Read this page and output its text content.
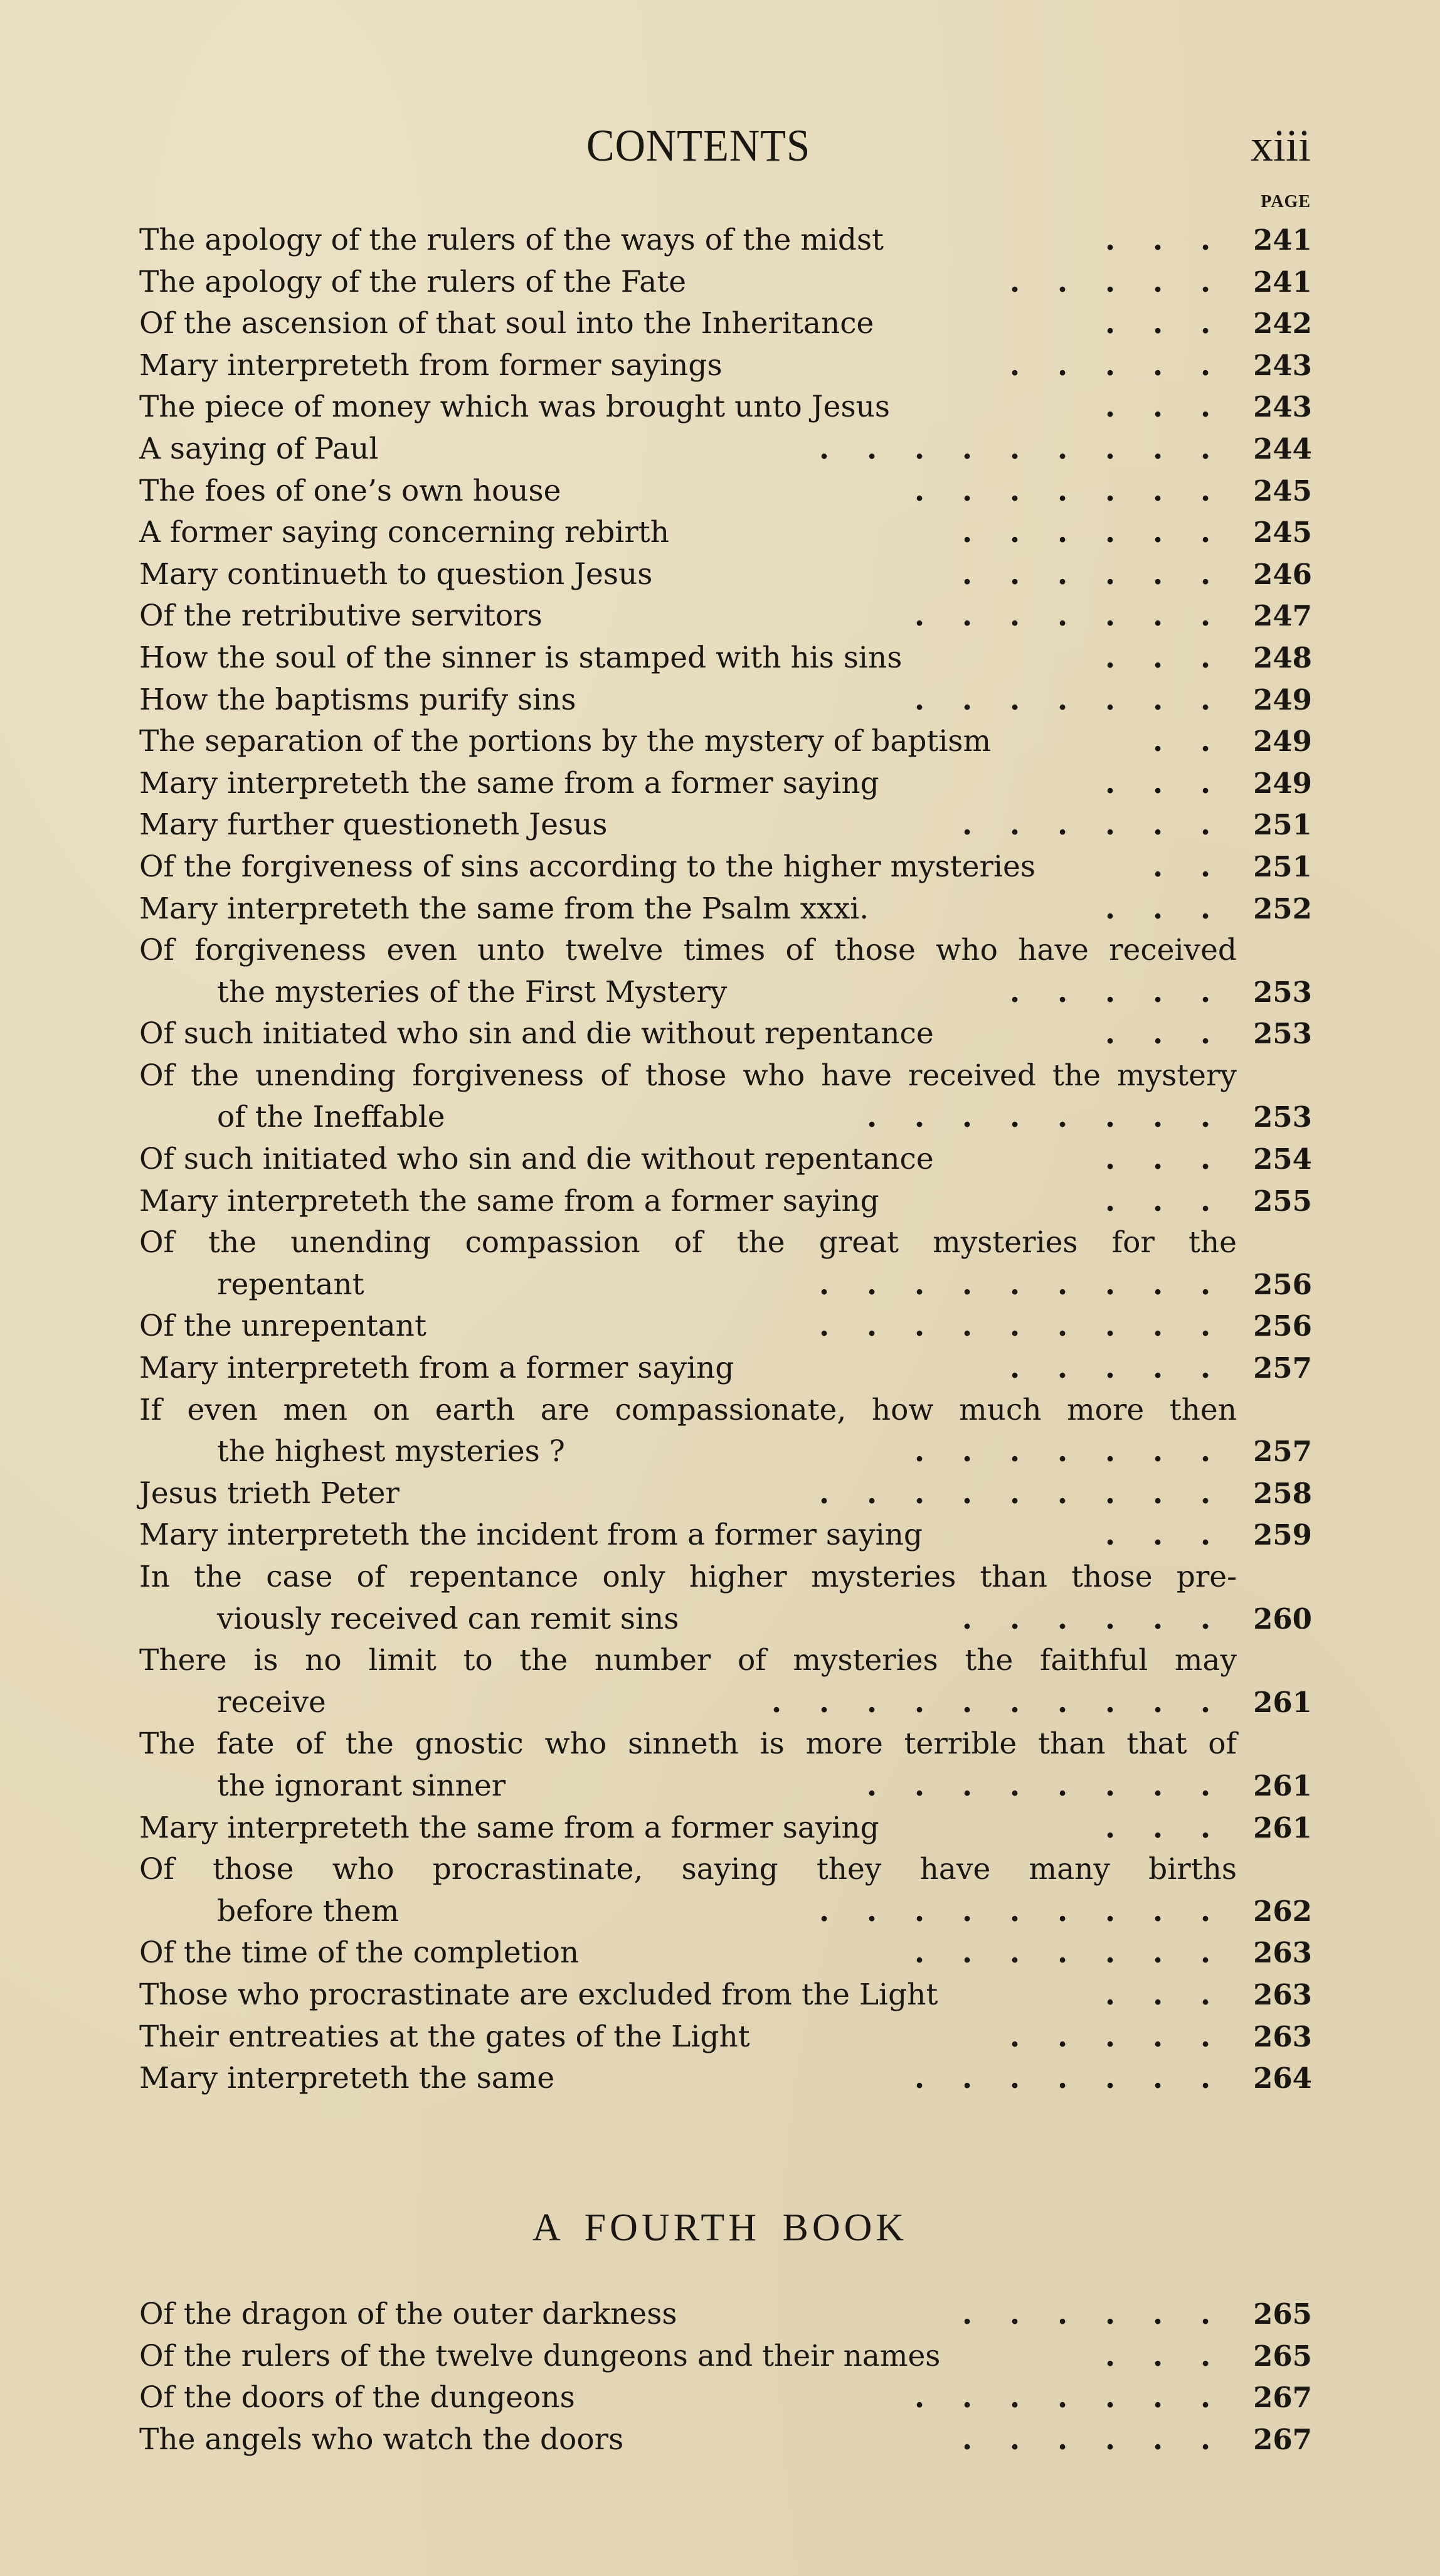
CONTENTS	xiii
PAGE
The apology of the rulers of the ways of the midst	. . .	241
The apology of the rulers of the Fate	. . . . .	241
Of the ascension of that soul into the Inheritance	. . .	242
Mary interpreteth from former sayings	. . . . .	243
The piece of money which was brought unto Jesus	. . .	243
A saying of Paul	. . . . . . . . .	244
The foes of one’s own house	. . . . . . .	245
A former saying concerning rebirth	. . . . . .	245
Mary continueth to question Jesus	. . . . . .	246
Of the retributive servitors	. . . . . . .	247
How the soul of the sinner is stamped with his sins	. . .	248
How the baptisms purify sins	. . . . . . .	249
The separation of the portions by the mystery of baptism	. .	249
Mary interpreteth the same from a former saying	. . .	249
Mary further questioneth Jesus	. . . . . .	251
Of the forgiveness of sins according to the higher mysteries	. .	251
Mary interpreteth the same from the Psalm xxxi.	. . .	252
Of forgiveness even unto twelve times of those who have received
the mysteries of the First Mystery	. . . . .	253
Of such initiated who sin and die without repentance	. . .	253
Of the unending forgiveness of those who have received the mystery
of the Ineffable	. . . . . . . .	253
Of such initiated who sin and die without repentance	. . .	254
Mary interpreteth the same from a former saying	. . .	255
Of the unending compassion of the great mysteries for the
repentant	. . . . . . . . .	256
Of the unrepentant	. . . . . . . . .	256
Mary interpreteth from a former saying	. . . . .	257
If even men on earth are compassionate, how much more then
the highest mysteries ?	. . . . . . .	257
Jesus trieth Peter	. . . . . . . . .	258
Mary interpreteth the incident from a former saying	. . .	259
In the case of repentance only higher mysteries than those pre-
viously received can remit sins	. . . . . .	260
There is no limit to the number of mysteries the faithful may
receive	. . . . . . . . . .	261
The fate of the gnostic who sinneth is more terrible than that of
the ignorant sinner	. . . . . . . .	261
Mary interpreteth the same from a former saying	. . .	261
Of those who procrastinate, saying they have many births
before them	. . . . . . . . .	262
Of the time of the completion	. . . . . . .	263
Those who procrastinate are excluded from the Light	. . .	263
Their entreaties at the gates of the Light	. . . . .	263
Mary interpreteth the same	. . . . . . .	264
A FOURTH BOOK
Of the dragon of the outer darkness	. . . . . .	265
Of the rulers of the twelve dungeons and their names	. . .	265
Of the doors of the dungeons	. . . . . . .	267
The angels who watch the doors	. . . . . .	267
